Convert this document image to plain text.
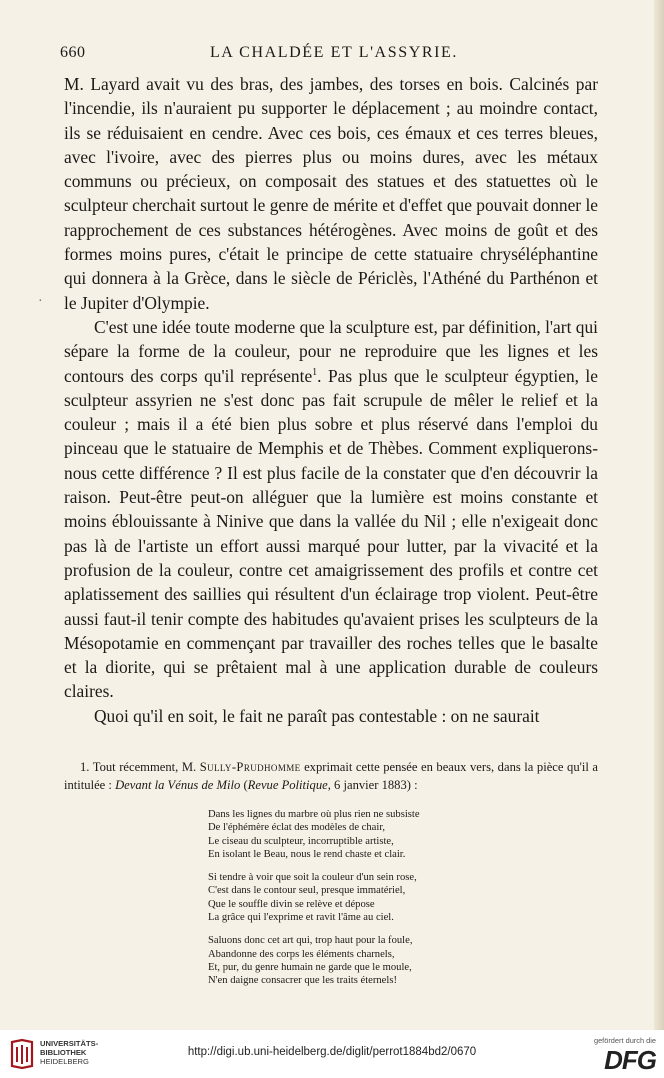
660	LA CHALDÉE ET L'ASSYRIE.
·

M. Layard avait vu des bras, des jambes, des torses en bois. Calcinés par l'incendie, ils n'auraient pu supporter le déplacement ; au moindre contact, ils se réduisaient en cendre. Avec ces bois, ces émaux et ces terres bleues, avec l'ivoire, avec des pierres plus ou moins dures, avec les métaux communs ou précieux, on composait des statues et des statuettes où le sculpteur cherchait surtout le genre de mérite et d'effet que pouvait donner le rapprochement de ces substances hétérogènes. Avec moins de goût et des formes moins pures, c'était le principe de cette statuaire chryséléphantine qui donnera à la Grèce, dans le siècle de Périclès, l'Athéné du Parthénon et le Jupiter d'Olympie.

C'est une idée toute moderne que la sculpture est, par définition, l'art qui sépare la forme de la couleur, pour ne reproduire que les lignes et les contours des corps qu'il représente$^1$. Pas plus que le sculpteur égyptien, le sculpteur assyrien ne s'est donc pas fait scrupule de mêler le relief et la couleur ; mais il a été bien plus sobre et plus réservé dans l'emploi du pinceau que le statuaire de Memphis et de Thèbes. Comment expliquerons-nous cette différence ? Il est plus facile de la constater que d'en découvrir la raison. Peut-être peut-on alléguer que la lumière est moins constante et moins éblouissante à Ninive que dans la vallée du Nil ; elle n'exigeait donc pas là de l'artiste un effort aussi marqué pour lutter, par la vivacité et la profusion de la couleur, contre cet amaigrissement des profils et contre cet aplatissement des saillies qui résultent d'un éclairage trop violent. Peut-être aussi faut-il tenir compte des habitudes qu'avaient prises les sculpteurs de la Mésopotamie en commençant par travailler des roches telles que le basalte et la diorite, qui se prêtaient mal à une application durable de couleurs claires.

Quoi qu'il en soit, le fait ne paraît pas contestable : on ne saurait

1. Tout récemment, M. Sully-Prudhomme exprimait cette pensée en beaux vers, dans la pièce qu'il a intitulée : Devant la Vénus de Milo (Revue Politique, 6 janvier 1883) :

Dans les lignes du marbre où plus rien ne subsiste
De l'éphémère éclat des modèles de chair,
Le ciseau du sculpteur, incorruptible artiste,
En isolant le Beau, nous le rend chaste et clair.
Si tendre à voir que soit la couleur d'un sein rose,
C'est dans le contour seul, presque immatériel,
Que le souffle divin se relève et dépose
La grâce qui l'exprime et ravit l'âme au ciel.
Saluons donc cet art qui, trop haut pour la foule,
Abandonne des corps les éléments charnels,
Et, pur, du genre humain ne garde que le moule,
N'en daigne consacrer que les traits éternels!
UNIVERSITÄTS-
BIBLIOTHEK
HEIDELBERG
http://digi.ub.uni-heidelberg.de/diglit/perrot1884bd2/0670
gefördert durch die
DFG
